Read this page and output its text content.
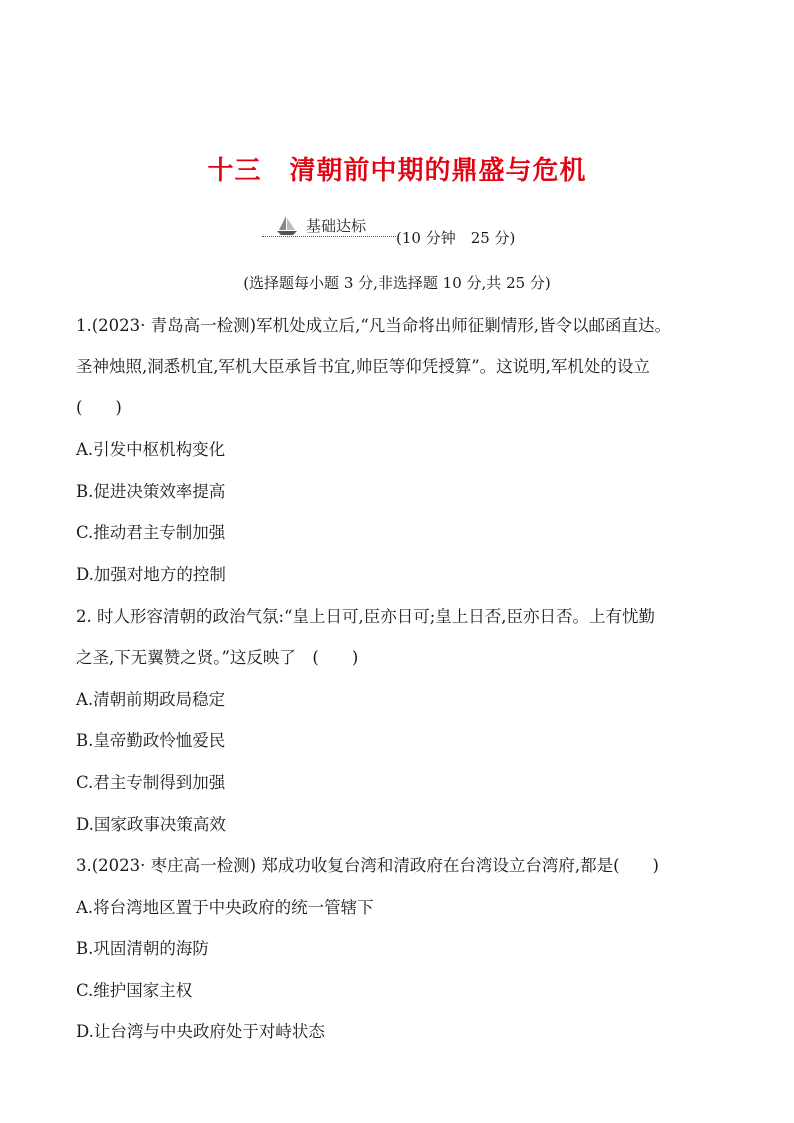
十三 清朝前中期的鼎盛与危机
基础达标
(10 分钟　25 分)
(选择题每小题 3 分,非选择题 10 分,共 25 分)
1.(2023· 青岛高一检测)军机处成立后,“凡当命将出师征剿情形,皆令以邮函直达。
圣神烛照,洞悉机宜,军机大臣承旨书宜,帅臣等仰凭授算”。这说明,军机处的设立
(　　)
A.引发中枢机构变化
B.促进决策效率提高
C.推动君主专制加强
D.加强对地方的控制
2. 时人形容清朝的政治气氛:“皇上日可,臣亦日可;皇上日否,臣亦日否。上有忧勤
之圣,下无翼赞之贤。”这反映了　(　　)
A.清朝前期政局稳定
B.皇帝勤政怜恤爱民
C.君主专制得到加强
D.国家政事决策高效
3.(2023· 枣庄高一检测) 郑成功收复台湾和清政府在台湾设立台湾府,都是(　　)
A.将台湾地区置于中央政府的统一管辖下
B.巩固清朝的海防
C.维护国家主权
D.让台湾与中央政府处于对峙状态
